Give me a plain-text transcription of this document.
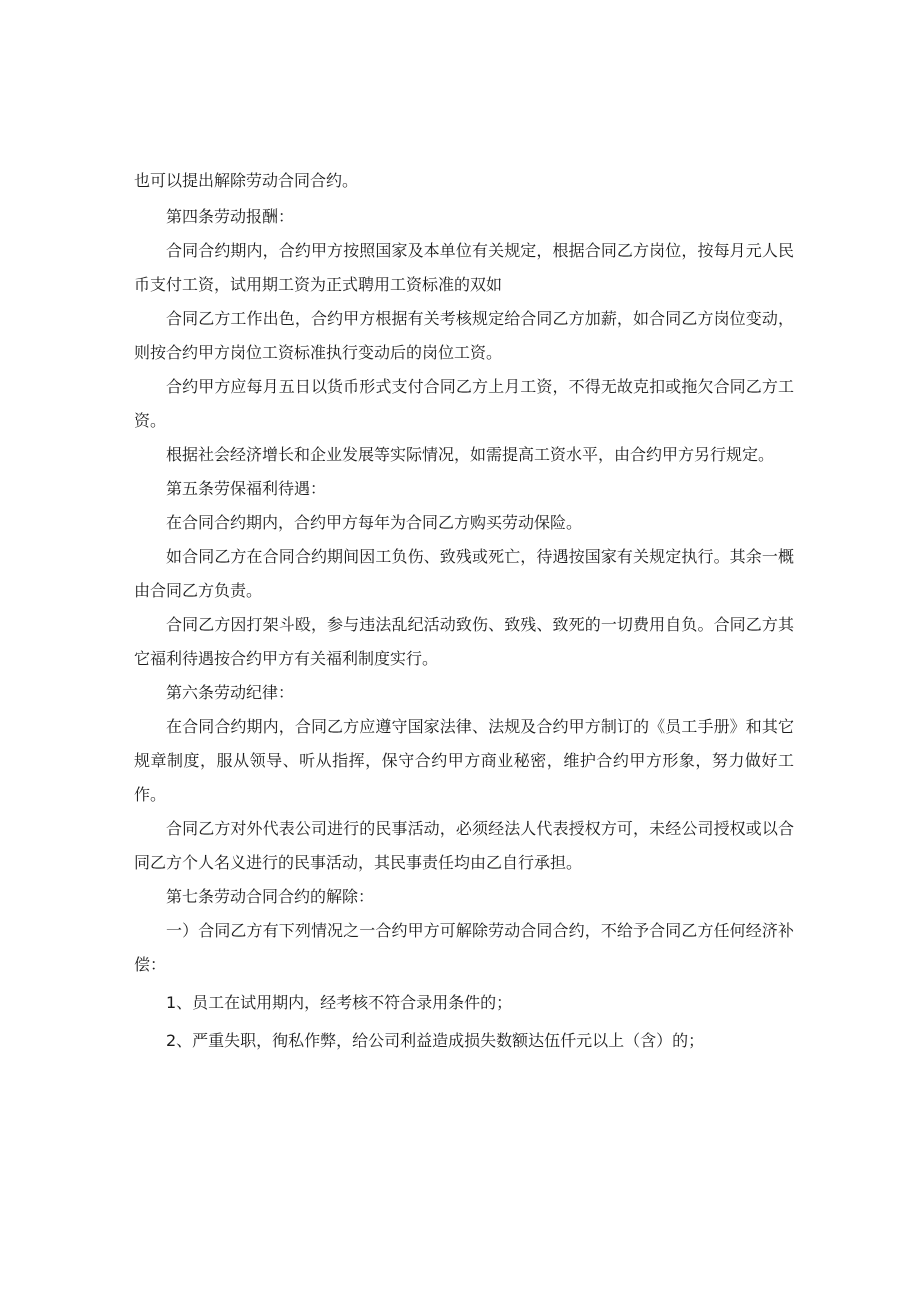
也可以提出解除劳动合同合约。

第四条劳动报酬：

合同合约期内，合约甲方按照国家及本单位有关规定，根据合同乙方岗位，按每月元人民币支付工资，试用期工资为正式聘用工资标准的双如

合同乙方工作出色，合约甲方根据有关考核规定给合同乙方加薪，如合同乙方岗位变动，则按合约甲方岗位工资标准执行变动后的岗位工资。

合约甲方应每月五日以货币形式支付合同乙方上月工资，不得无故克扣或拖欠合同乙方工资。

根据社会经济增长和企业发展等实际情况，如需提高工资水平，由合约甲方另行规定。

第五条劳保福利待遇：

在合同合约期内，合约甲方每年为合同乙方购买劳动保险。

如合同乙方在合同合约期间因工负伤、致残或死亡，待遇按国家有关规定执行。其余一概由合同乙方负责。

合同乙方因打架斗殴，参与违法乱纪活动致伤、致残、致死的一切费用自负。合同乙方其它福利待遇按合约甲方有关福利制度实行。

第六条劳动纪律：

在合同合约期内，合同乙方应遵守国家法律、法规及合约甲方制订的《员工手册》和其它规章制度，服从领导、听从指挥，保守合约甲方商业秘密，维护合约甲方形象，努力做好工作。

合同乙方对外代表公司进行的民事活动，必须经法人代表授权方可，未经公司授权或以合同乙方个人名义进行的民事活动，其民事责任均由乙自行承担。

第七条劳动合同合约的解除：

一）合同乙方有下列情况之一合约甲方可解除劳动合同合约，不给予合同乙方任何经济补偿：

1、员工在试用期内，经考核不符合录用条件的；

2、严重失职，徇私作弊，给公司利益造成损失数额达伍仟元以上（含）的；
